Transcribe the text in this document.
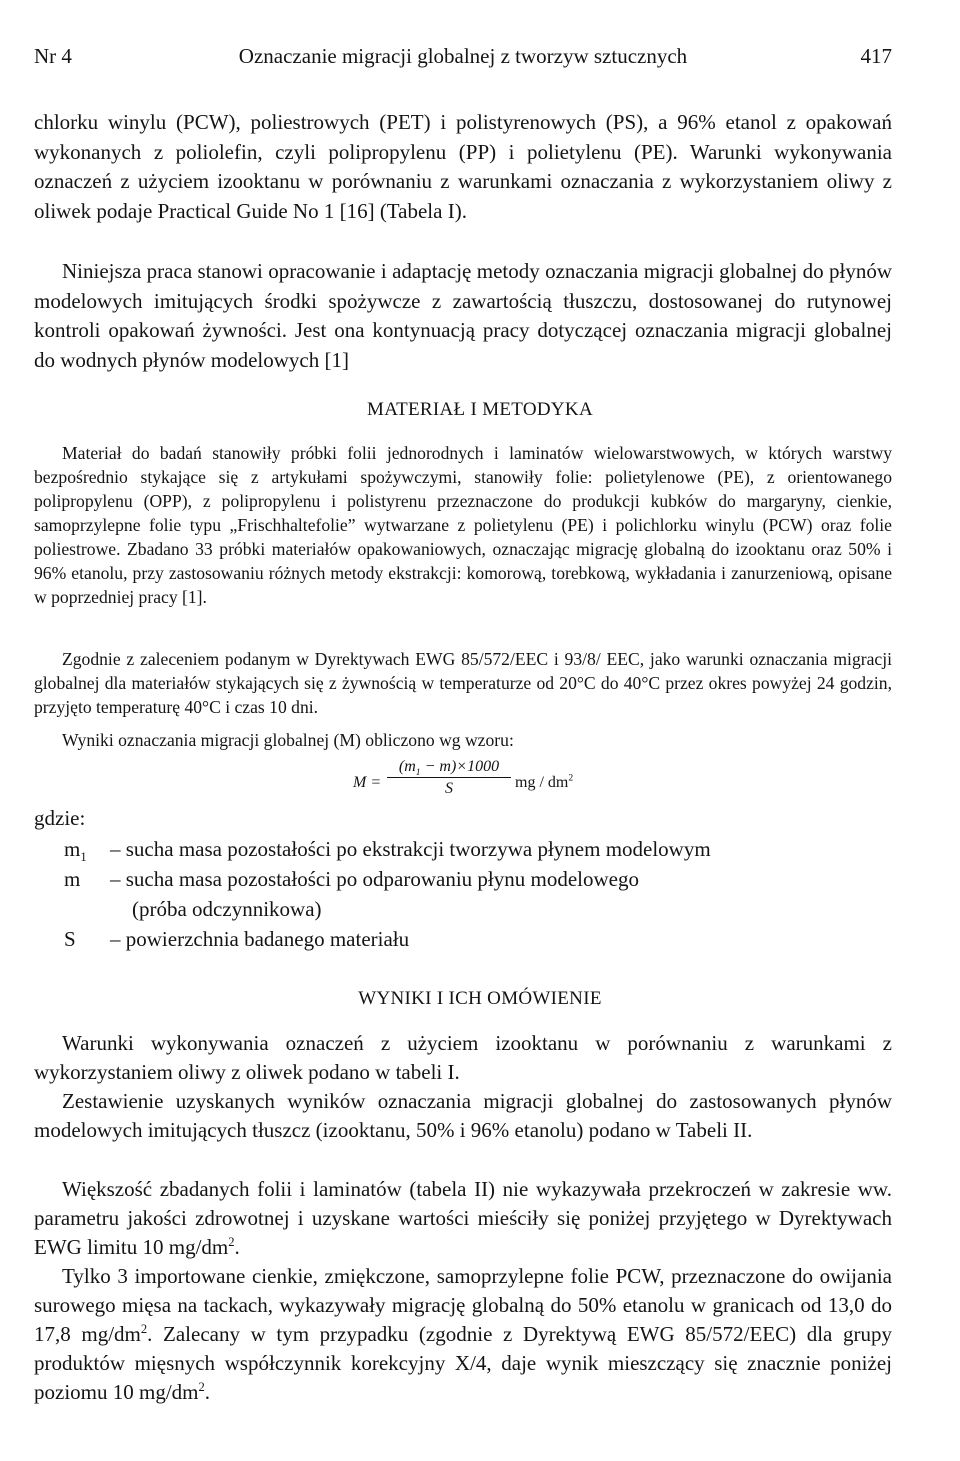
Nr 4	Oznaczanie migracji globalnej z tworzyw sztucznych	417

chlorku winylu (PCW), poliestrowych (PET) i polistyrenowych (PS), a 96% etanol z opakowań wykonanych z poliolefin, czyli polipropylenu (PP) i polietylenu (PE). Warunki wykonywania oznaczeń z użyciem izooktanu w porównaniu z warunkami oznaczania z wykorzystaniem oliwy z oliwek podaje Practical Guide No 1 [16] (Tabela I).

Niniejsza praca stanowi opracowanie i adaptację metody oznaczania migracji globalnej do płynów modelowych imitujących środki spożywcze z zawartością tłuszczu, dostosowanej do rutynowej kontroli opakowań żywności. Jest ona kontynuacją pracy dotyczącej oznaczania migracji globalnej do wodnych płynów modelowych [1]

MATERIAŁ I METODYKA

Materiał do badań stanowiły próbki folii jednorodnych i laminatów wielowarstwowych, w których warstwy bezpośrednio stykające się z artykułami spożywczymi, stanowiły folie: polietylenowe (PE), z orientowanego polipropylenu (OPP), z polipropylenu i polistyrenu przeznaczone do produkcji kubków do margaryny, cienkie, samoprzylepne folie typu „Frischhaltefolie” wytwarzane z polietylenu (PE) i polichlorku winylu (PCW) oraz folie poliestrowe. Zbadano 33 próbki materiałów opakowaniowych, oznaczając migrację globalną do izooktanu oraz 50% i 96% etanolu, przy zastosowaniu różnych metody ekstrakcji: komorową, torebkową, wykładania i zanurzeniową, opisane w poprzedniej pracy [1].

Zgodnie z zaleceniem podanym w Dyrektywach EWG 85/572/EEC i 93/8/ EEC, jako warunki oznaczania migracji globalnej dla materiałów stykających się z żywnością w temperaturze od 20°C do 40°C przez okres powyżej 24 godzin, przyjęto temperaturę 40°C i czas 10 dni.

Wyniki oznaczania migracji globalnej (M) obliczono wg wzoru:

$M = \frac{(m_1 - m)\times 1000}{S}$ mg / $dm^2$
gdzie:
$m_1$ – sucha masa pozostałości po ekstrakcji tworzywa płynem modelowym
m – sucha masa pozostałości po odparowaniu płynu modelowego
(próba odczynnikowa)
S – powierzchnia badanego materiału
WYNIKI I ICH OMÓWIENIE

Warunki wykonywania oznaczeń z użyciem izooktanu w porównaniu z warunkami z wykorzystaniem oliwy z oliwek podano w tabeli I.

Zestawienie uzyskanych wyników oznaczania migracji globalnej do zastosowanych płynów modelowych imitujących tłuszcz (izooktanu, 50% i 96% etanolu) podano w Tabeli II.

Większość zbadanych folii i laminatów (tabela II) nie wykazywała przekroczeń w zakresie ww. parametru jakości zdrowotnej i uzyskane wartości mieściły się poniżej przyjętego w Dyrektywach EWG limitu 10 $mg/dm^2$.

Tylko 3 importowane cienkie, zmiękczone, samoprzylepne folie PCW, przeznaczone do owijania surowego mięsa na tackach, wykazywały migrację globalną do 50% etanolu w granicach od 13,0 do 17,8 $mg/dm^2$. Zalecany w tym przypadku (zgodnie z Dyrektywą EWG 85/572/EEC) dla grupy produktów mięsnych współczynnik korekcyjny X/4, daje wynik mieszczący się znacznie poniżej poziomu 10 $mg/dm^2$.
